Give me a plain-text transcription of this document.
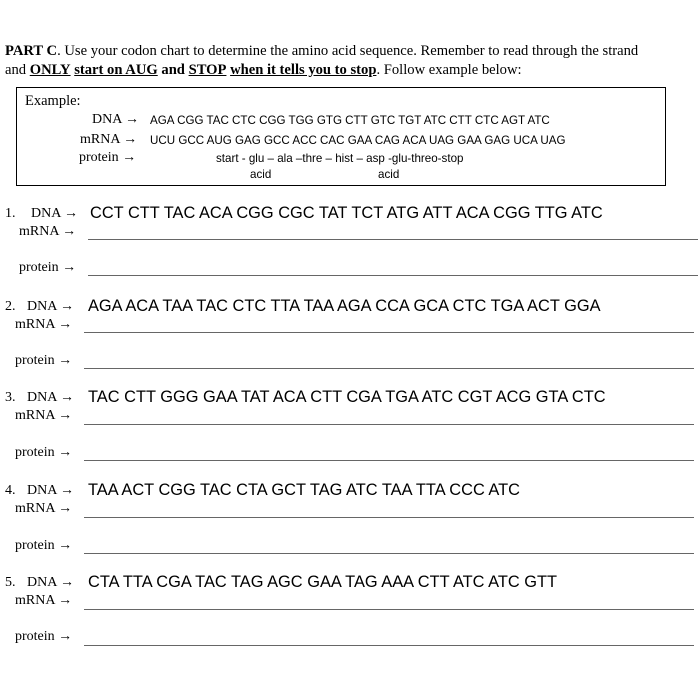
PART C. Use your codon chart to determine the amino acid sequence. Remember to read through the strand
and ONLY start on AUG and STOP when it tells you to stop. Follow example below:
Example:
DNA → AGA CGG TAC CTC CGG TGG GTG CTT GTC TGT ATC CTT CTC AGT ATC
mRNA → UCU GCC AUG GAG GCC ACC CAC GAA CAG ACA UAG GAA GAG UCA UAG
protein →	start - glu – ala –thre – hist – asp -glu-threo-stop
acid	acid
1. DNA → CCT CTT TAC ACA CGG CGC TAT TCT ATG ATT ACA CGG TTG ATC
mRNA →
protein →
2. DNA → AGA ACA TAA TAC CTC TTA TAA AGA CCA GCA CTC TGA ACT GGA
mRNA →
protein →
3. DNA → TAC CTT GGG GAA TAT ACA CTT CGA TGA ATC CGT ACG GTA CTC
mRNA →
protein →
4. DNA → TAA ACT CGG TAC CTA GCT TAG ATC TAA TTA CCC ATC
mRNA →
protein →
5. DNA → CTA TTA CGA TAC TAG AGC GAA TAG AAA CTT ATC ATC GTT
mRNA →
protein →
